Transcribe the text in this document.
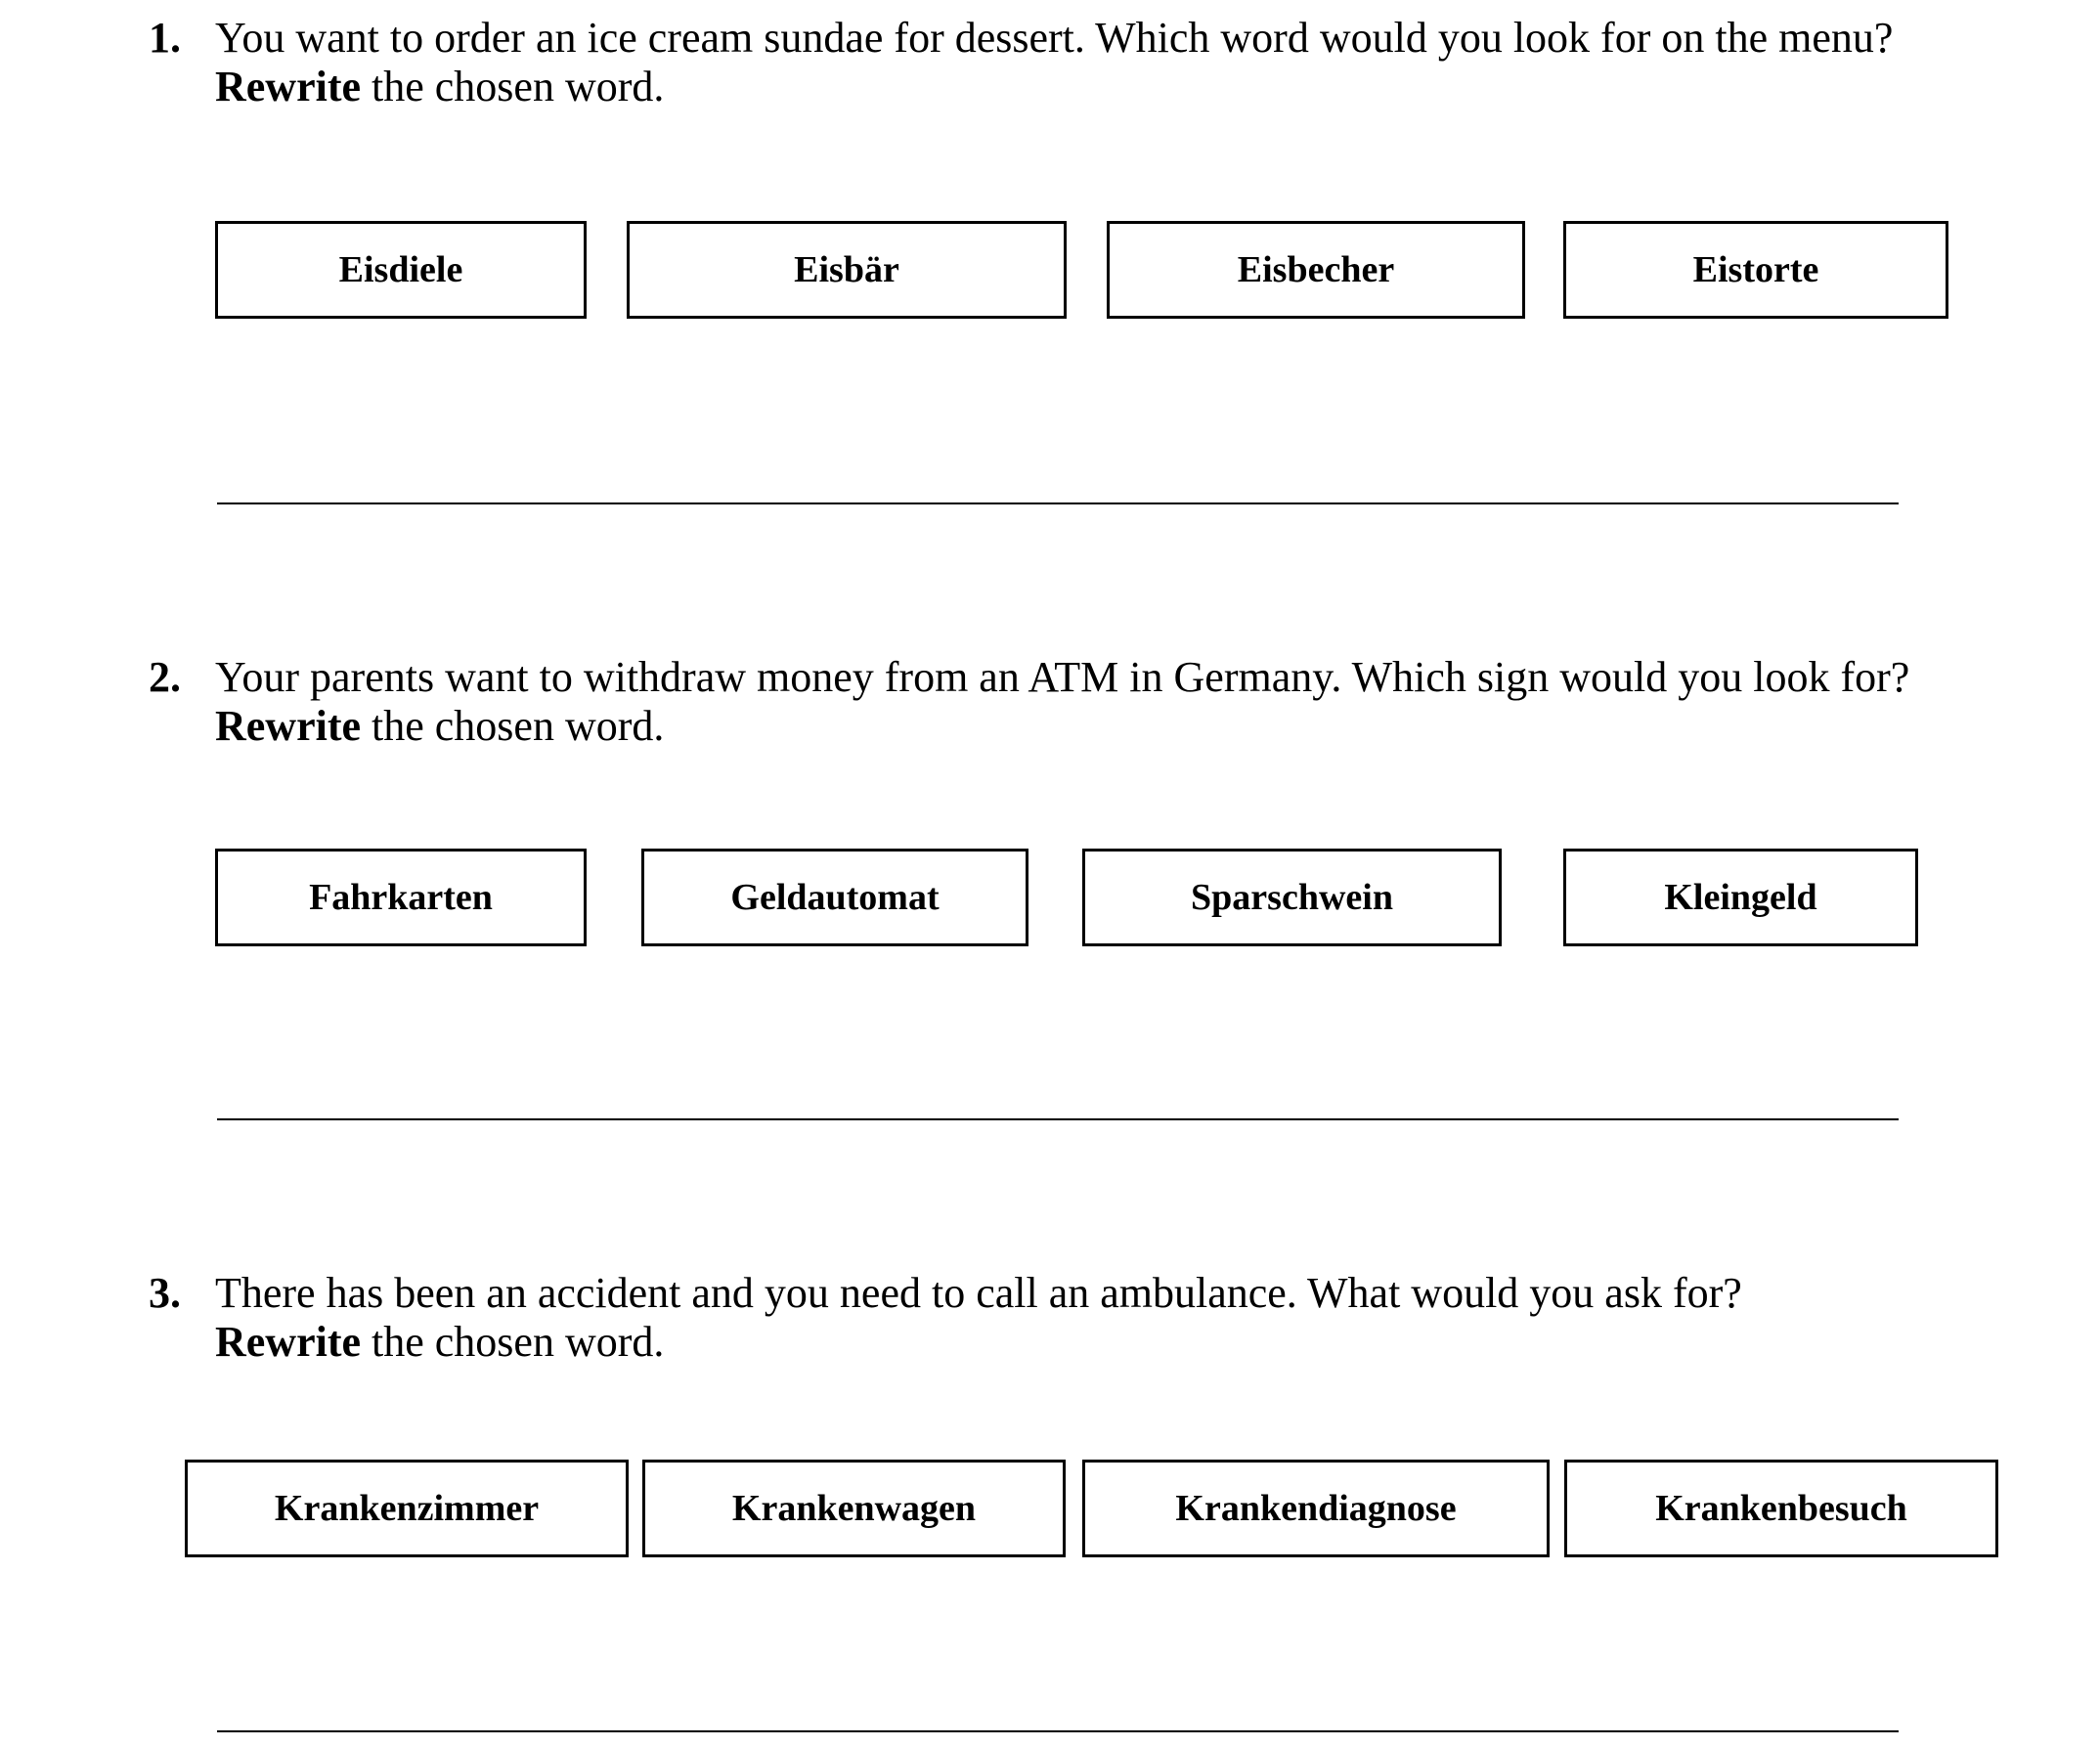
1. You want to order an ice cream sundae for dessert. Which word would you look for on the menu?
Rewrite the chosen word.
Eisdiele	Eisbär	Eisbecher	Eistorte
2. Your parents want to withdraw money from an ATM in Germany. Which sign would you look for?
Rewrite the chosen word.
Fahrkarten	Geldautomat	Sparschwein	Kleingeld
3. There has been an accident and you need to call an ambulance. What would you ask for?
Rewrite the chosen word.
Krankenzimmer	Krankenwagen	Krankendiagnose	Krankenbesuch
